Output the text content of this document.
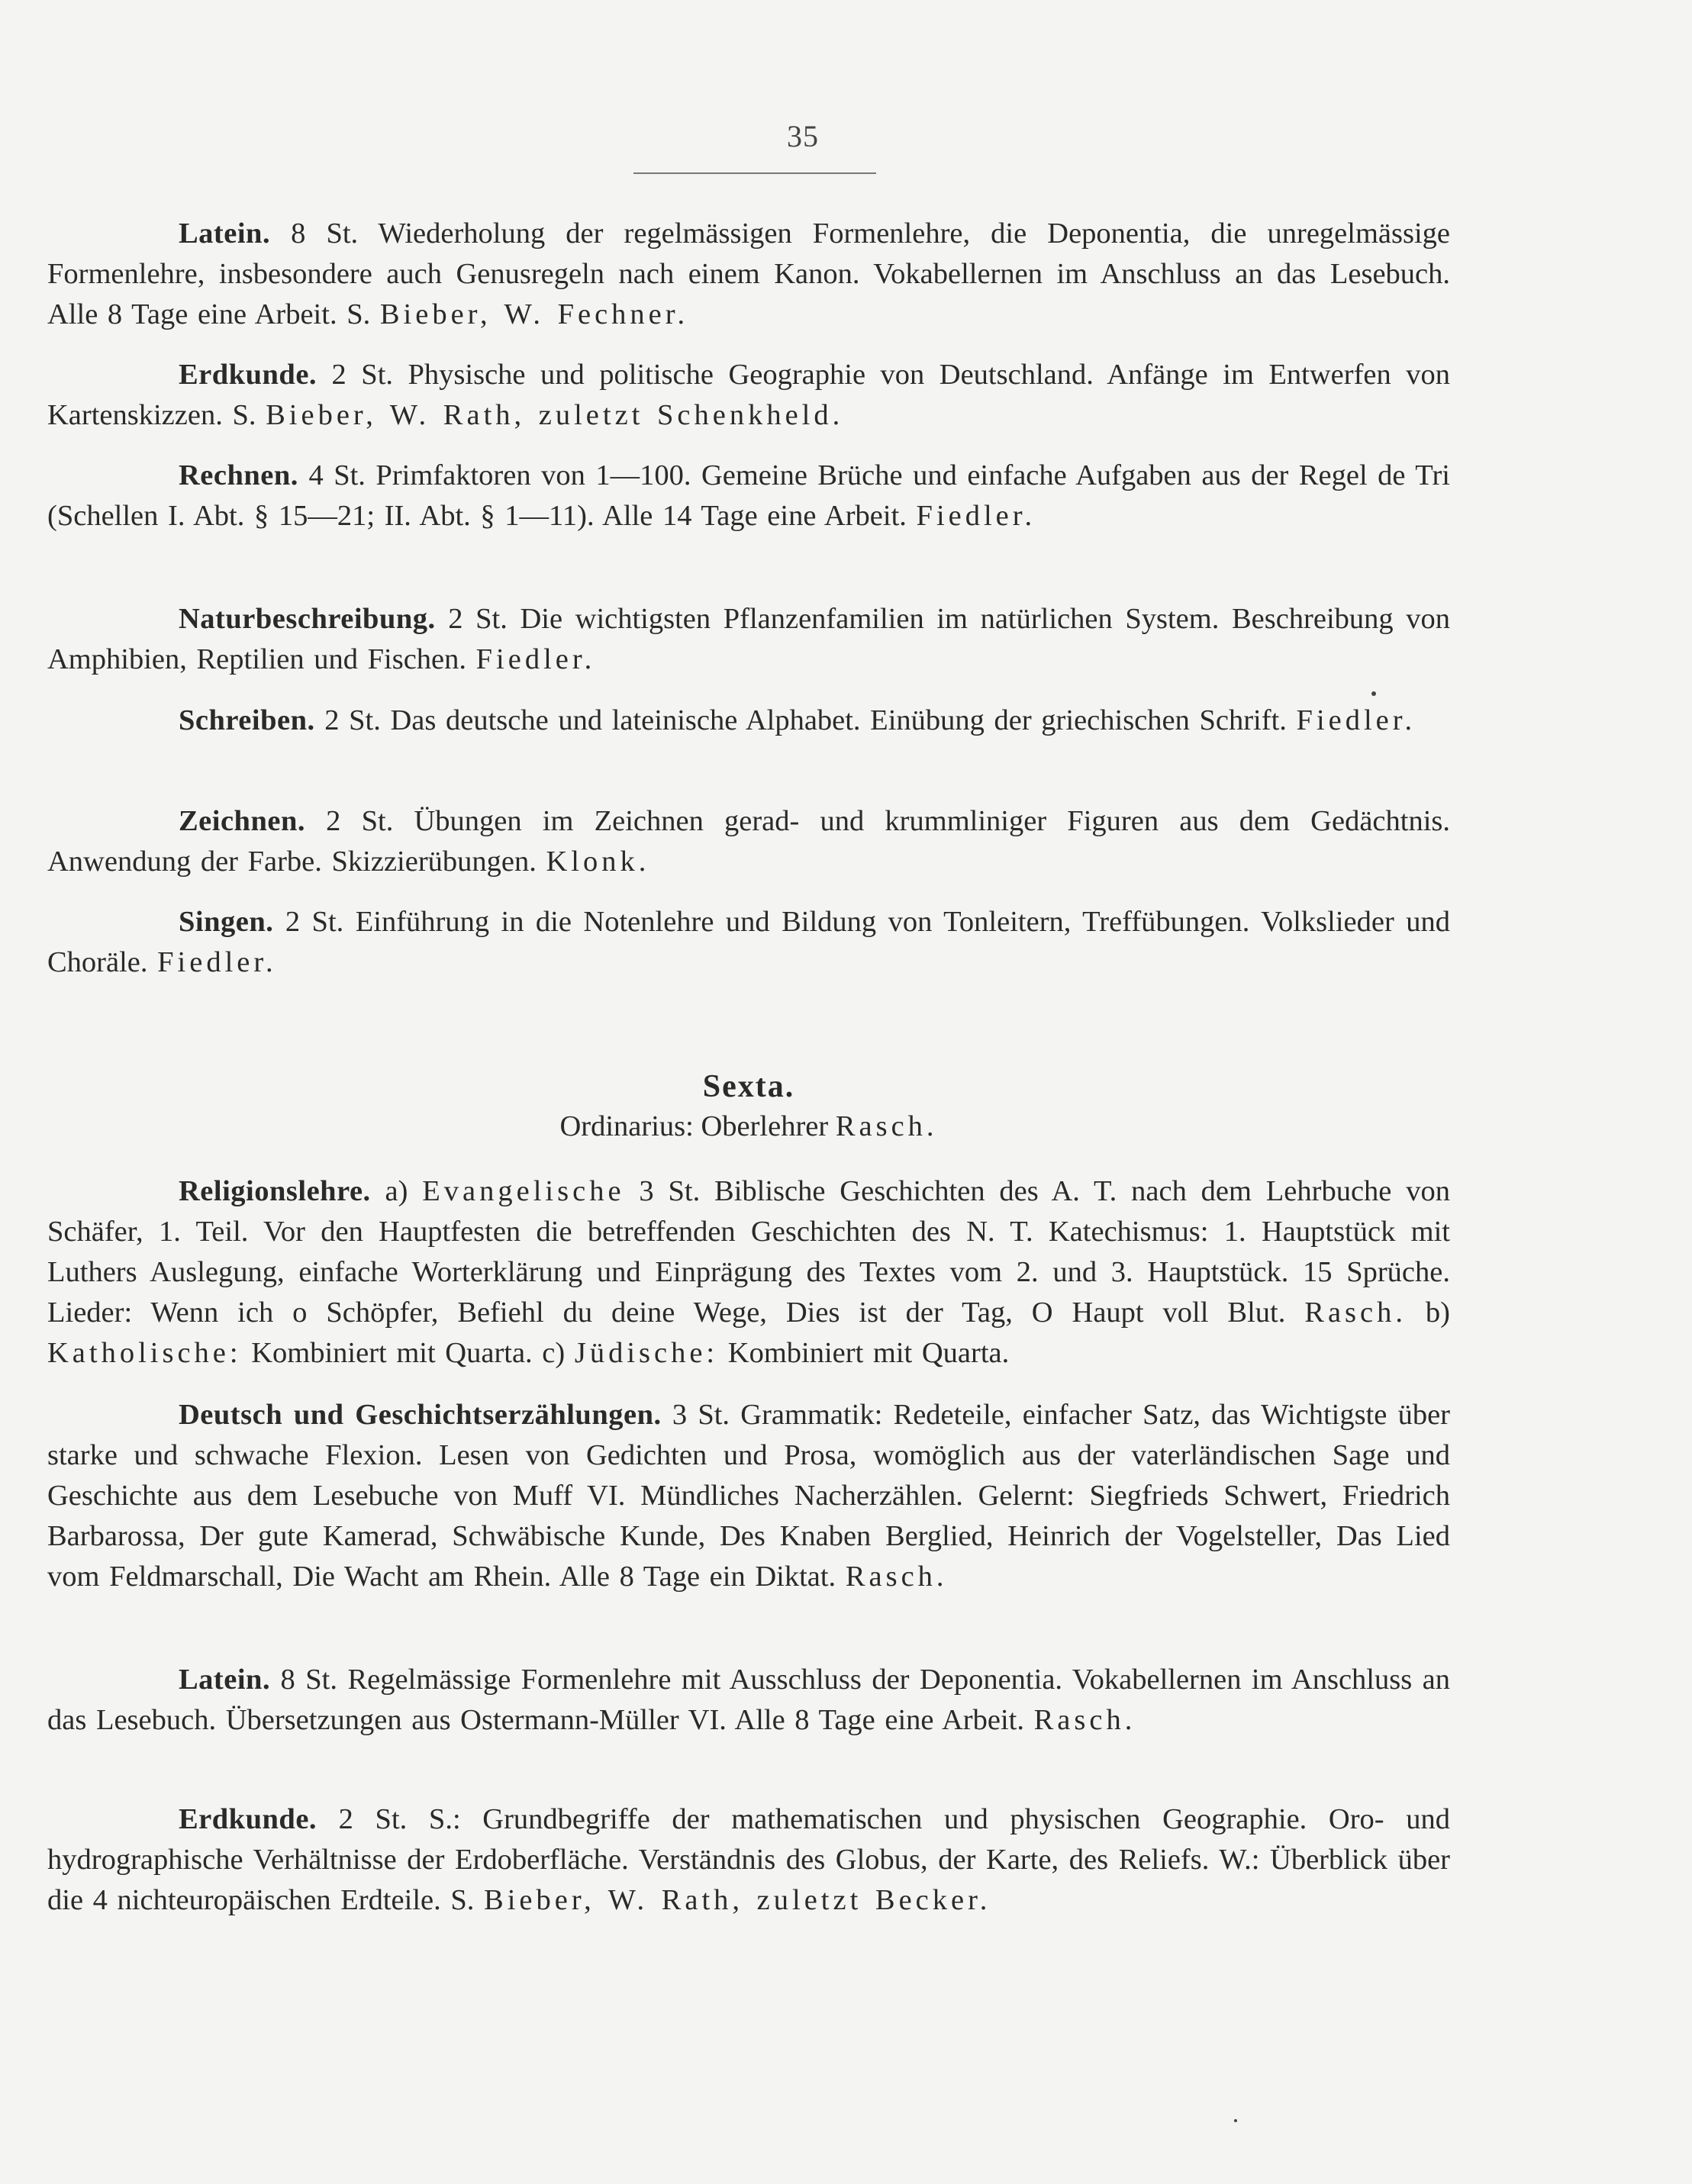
35

Latein. 8 St. Wiederholung der regelmässigen Formenlehre, die Deponentia, die unregelmässige Formenlehre, insbesondere auch Genusregeln nach einem Kanon. Vokabellernen im Anschluss an das Lesebuch. Alle 8 Tage eine Arbeit. S. Bieber, W. Fechner.

Erdkunde. 2 St. Physische und politische Geographie von Deutschland. Anfänge im Entwerfen von Kartenskizzen. S. Bieber, W. Rath, zuletzt Schenkheld.

Rechnen. 4 St. Primfaktoren von 1—100. Gemeine Brüche und einfache Aufgaben aus der Regel de Tri (Schellen I. Abt. § 15—21; II. Abt. § 1—11). Alle 14 Tage eine Arbeit. Fiedler.

Naturbeschreibung. 2 St. Die wichtigsten Pflanzenfamilien im natürlichen System. Beschreibung von Amphibien, Reptilien und Fischen. Fiedler.

Schreiben. 2 St. Das deutsche und lateinische Alphabet. Einübung der griechischen Schrift. Fiedler.

Zeichnen. 2 St. Übungen im Zeichnen gerad- und krummliniger Figuren aus dem Gedächtnis. Anwendung der Farbe. Skizzierübungen. Klonk.

Singen. 2 St. Einführung in die Notenlehre und Bildung von Tonleitern, Treffübungen. Volkslieder und Choräle. Fiedler.

Sexta.

Ordinarius: Oberlehrer Rasch.

Religionslehre. a) Evangelische 3 St. Biblische Geschichten des A. T. nach dem Lehrbuche von Schäfer, 1. Teil. Vor den Hauptfesten die betreffenden Geschichten des N. T. Katechismus: 1. Hauptstück mit Luthers Auslegung, einfache Worterklärung und Einprägung des Textes vom 2. und 3. Hauptstück. 15 Sprüche. Lieder: Wenn ich o Schöpfer, Befiehl du deine Wege, Dies ist der Tag, O Haupt voll Blut. Rasch. b) Katholische: Kombiniert mit Quarta. c) Jüdische: Kombiniert mit Quarta.

Deutsch und Geschichtserzählungen. 3 St. Grammatik: Redeteile, einfacher Satz, das Wichtigste über starke und schwache Flexion. Lesen von Gedichten und Prosa, womöglich aus der vaterländischen Sage und Geschichte aus dem Lesebuche von Muff VI. Mündliches Nacherzählen. Gelernt: Siegfrieds Schwert, Friedrich Barbarossa, Der gute Kamerad, Schwäbische Kunde, Des Knaben Berglied, Heinrich der Vogelsteller, Das Lied vom Feldmarschall, Die Wacht am Rhein. Alle 8 Tage ein Diktat. Rasch.

Latein. 8 St. Regelmässige Formenlehre mit Ausschluss der Deponentia. Vokabellernen im Anschluss an das Lesebuch. Übersetzungen aus Ostermann-Müller VI. Alle 8 Tage eine Arbeit. Rasch.

Erdkunde. 2 St. S.: Grundbegriffe der mathematischen und physischen Geographie. Oro- und hydrographische Verhältnisse der Erdoberfläche. Verständnis des Globus, der Karte, des Reliefs. W.: Überblick über die 4 nichteuropäischen Erdteile. S. Bieber, W. Rath, zuletzt Becker.
